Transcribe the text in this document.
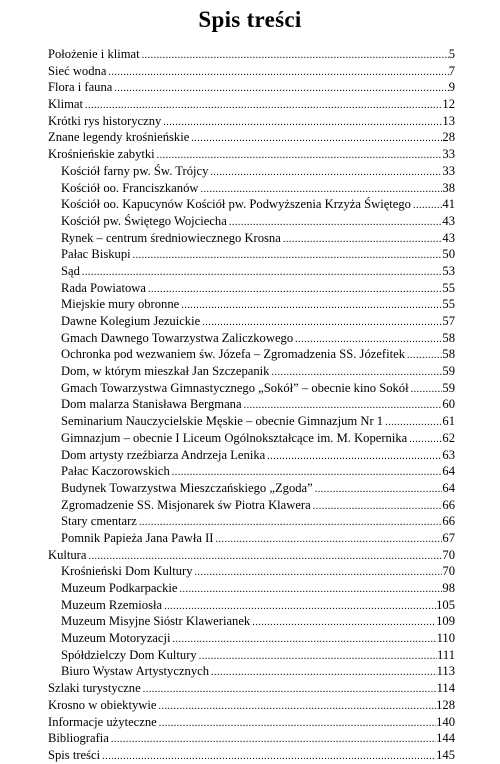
Spis treści
Położenie i klimat .....	5
Sieć wodna .....	7
Flora i fauna .....	9
Klimat .....	12
Krótki rys historyczny .....	13
Znane legendy krośnieńskie .....	28
Krośnieńskie zabytki .....	33
Kościół farny pw. Św. Trójcy .....	33
Kościół oo. Franciszkanów .....	38
Kościół oo. Kapucynów Kościół pw. Podwyższenia Krzyża Świętego ..... 41
Kościół pw. Świętego Wojciecha .....	43
Rynek – centrum średniowiecznego Krosna .....	43
Pałac Biskupi .....	50
Sąd .....	53
Rada Powiatowa .....	55
Miejskie mury obronne .....	55
Dawne Kolegium Jezuickie .....	57
Gmach Dawnego Towarzystwa Zaliczkowego .....	58
Ochronka pod wezwaniem św. Józefa – Zgromadzenia SS. Józefitek .....	58
Dom, w którym mieszkał Jan Szczepanik .....	59
Gmach Towarzystwa Gimnastycznego „Sokół” – obecnie kino Sokół .....	59
Dom malarza Stanisława Bergmana .....	60
Seminarium Nauczycielskie Męskie – obecnie Gimnazjum Nr 1 .....	61
Gimnazjum – obecnie I Liceum Ogólnokształcące im. M. Kopernika .....	62
Dom artysty rzeźbiarza Andrzeja Lenika .....	63
Pałac Kaczorowskich .....	64
Budynek Towarzystwa Mieszczańskiego „Zgoda” .....	64
Zgromadzenie SS. Misjonarek św Piotra Klawera .....	66
Stary cmentarz .....	66
Pomnik Papieża Jana Pawła II .....	67
Kultura .....	70
Krośnieński Dom Kultury .....	70
Muzeum Podkarpackie .....	98
Muzeum Rzemiosła .....	105
Muzeum Misyjne Sióstr Klawerianek .....	109
Muzeum Motoryzacji .....	110
Spółdzielczy Dom Kultury .....	111
Biuro Wystaw Artystycznych .....	113
Szlaki turystyczne .....	114
Krosno w obiektywie .....	128
Informacje użyteczne .....	140
Bibliografia .....	144
Spis treści .....	145
